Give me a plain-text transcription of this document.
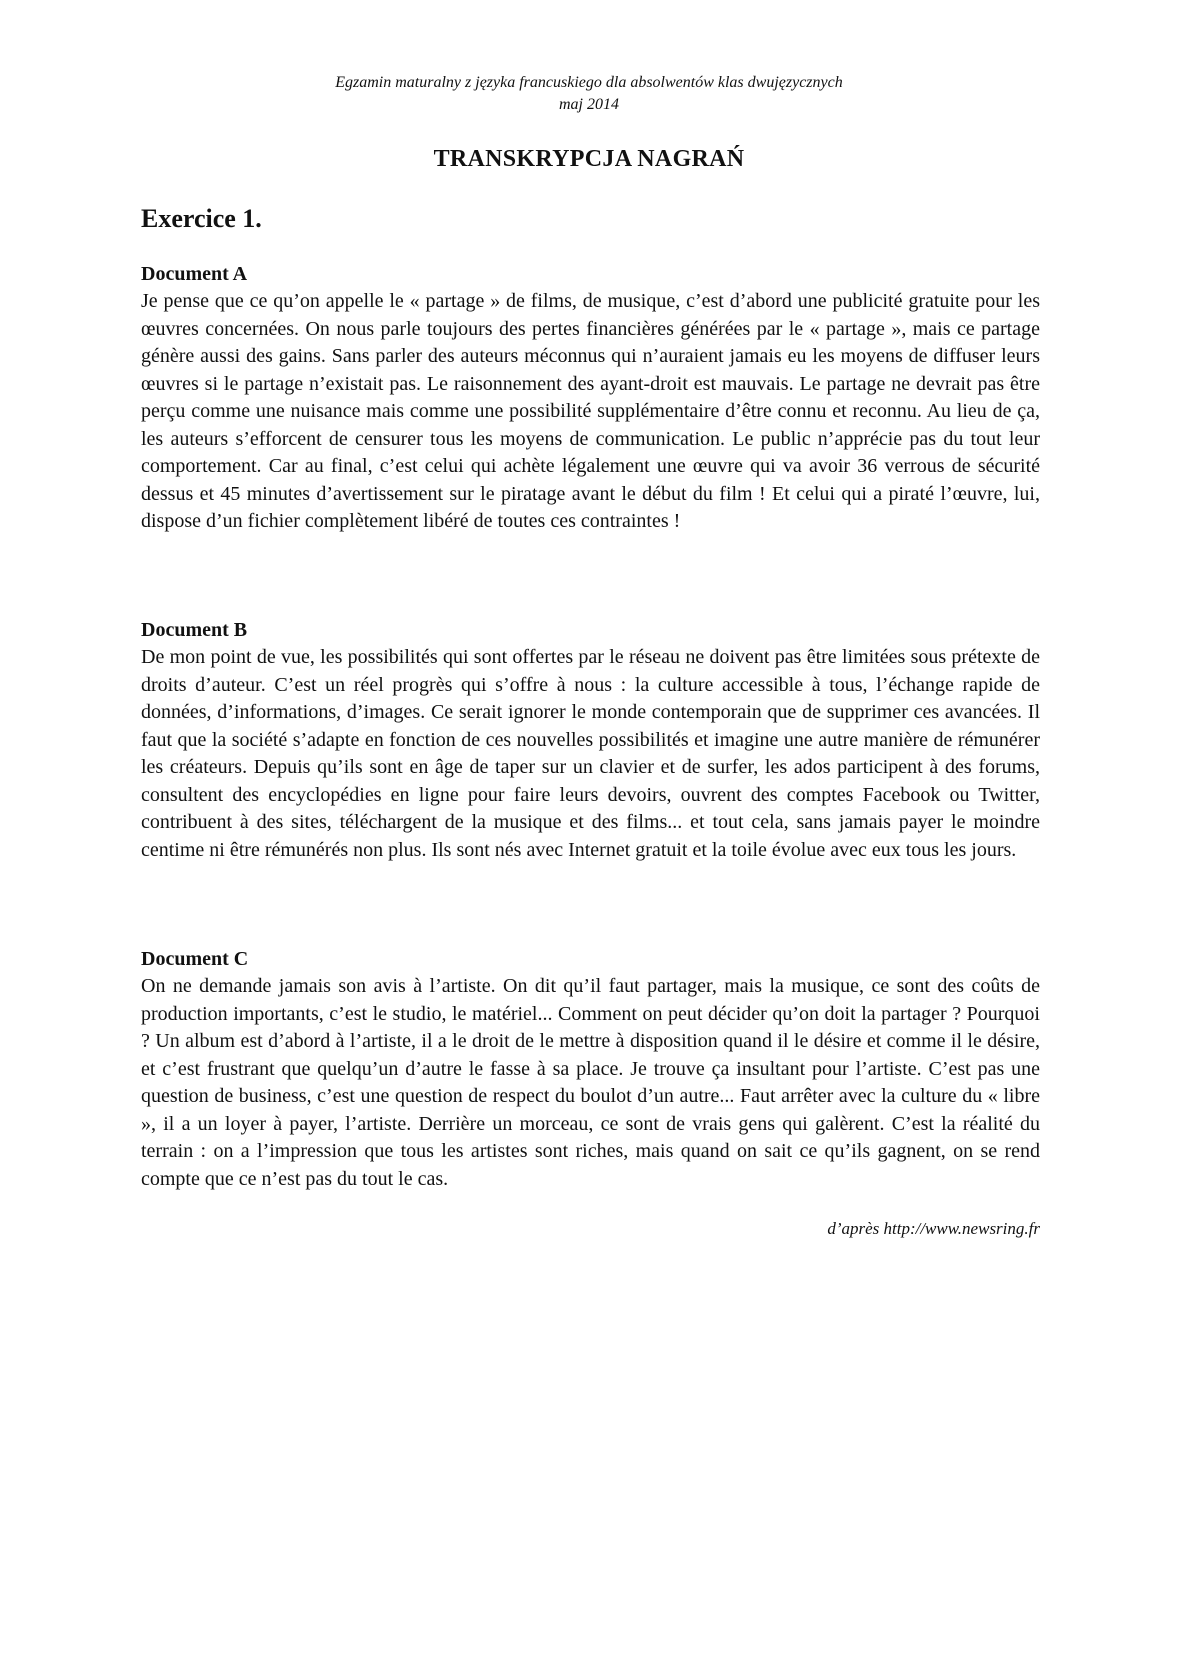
Egzamin maturalny z języka francuskiego dla absolwentów klas dwujęzycznych
maj 2014
TRANSKRYPCJA NAGRAŃ
Exercice 1.
Document A

Je pense que ce qu’on appelle le « partage » de films, de musique, c’est d’abord une publicité gratuite pour les œuvres concernées. On nous parle toujours des pertes financières générées par le « partage », mais ce partage génère aussi des gains. Sans parler des auteurs méconnus qui n’auraient jamais eu les moyens de diffuser leurs œuvres si le partage n’existait pas. Le raisonnement des ayant-droit est mauvais. Le partage ne devrait pas être perçu comme une nuisance mais comme une possibilité supplémentaire d’être connu et reconnu. Au lieu de ça, les auteurs s’efforcent de censurer tous les moyens de communication. Le public n’apprécie pas du tout leur comportement. Car au final, c’est celui qui achète légalement une œuvre qui va avoir 36 verrous de sécurité dessus et 45 minutes d’avertissement sur le piratage avant le début du film ! Et celui qui a piraté l’œuvre, lui, dispose d’un fichier complètement libéré de toutes ces contraintes !

Document B

De mon point de vue, les possibilités qui sont offertes par le réseau ne doivent pas être limitées sous prétexte de droits d’auteur. C’est un réel progrès qui s’offre à nous : la culture accessible à tous, l’échange rapide de données, d’informations, d’images. Ce serait ignorer le monde contemporain que de supprimer ces avancées. Il faut que la société s’adapte en fonction de ces nouvelles possibilités et imagine une autre manière de rémunérer les créateurs. Depuis qu’ils sont en âge de taper sur un clavier et de surfer, les ados participent à des forums, consultent des encyclopédies en ligne pour faire leurs devoirs, ouvrent des comptes Facebook ou Twitter, contribuent à des sites, téléchargent de la musique et des films... et tout cela, sans jamais payer le moindre centime ni être rémunérés non plus. Ils sont nés avec Internet gratuit et la toile évolue avec eux tous les jours.

Document C

On ne demande jamais son avis à l’artiste. On dit qu’il faut partager, mais la musique, ce sont des coûts de production importants, c’est le studio, le matériel... Comment on peut décider qu’on doit la partager ? Pourquoi ? Un album est d’abord à l’artiste, il a le droit de le mettre à disposition quand il le désire et comme il le désire, et c’est frustrant que quelqu’un d’autre le fasse à sa place. Je trouve ça insultant pour l’artiste. C’est pas une question de business, c’est une question de respect du boulot d’un autre... Faut arrêter avec la culture du « libre », il a un loyer à payer, l’artiste. Derrière un morceau, ce sont de vrais gens qui galèrent. C’est la réalité du terrain : on a l’impression que tous les artistes sont riches, mais quand on sait ce qu’ils gagnent, on se rend compte que ce n’est pas du tout le cas.

d’après http://www.newsring.fr
